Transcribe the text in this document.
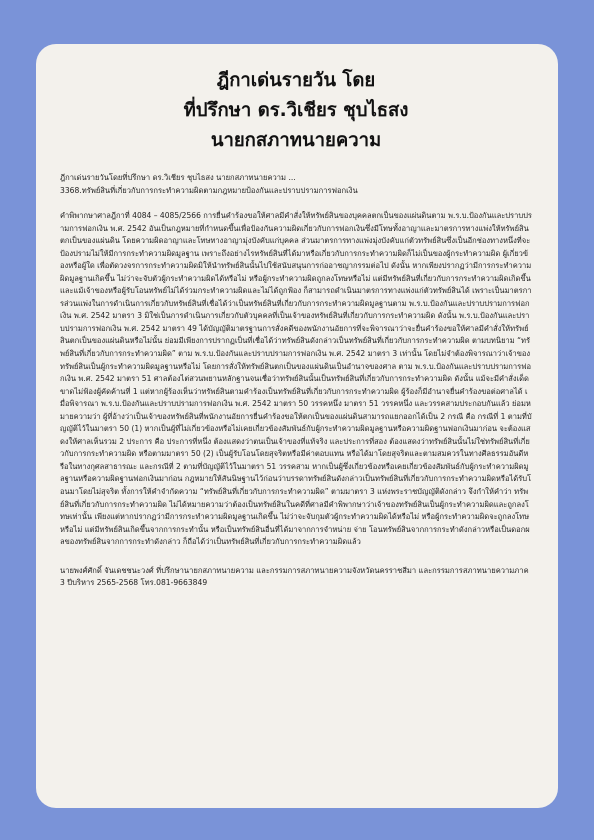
ฎีกาเด่นรายวัน โดย
ที่ปรึกษา ดร.วิเชียร ชุบไธสง
นายกสภาทนายความ
ฎีกาเด่นรายวันโดยที่ปรึกษา ดร.วิเชียร ชุบไธสง นายกสภาทนายความ ...
3368.ทรัพย์สินที่เกี่ยวกับการกระทำความผิดตามกฎหมายป้องกันและปราบปรามการฟอกเงิน
คำพิพากษาศาลฎีกาที่ 4084 – 4085/2566 การยื่นคำร้องขอให้ศาลมีคำสั่งให้ทรัพย์สินของบุคคลตกเป็นของแผ่นดินตาม พ.ร.บ.ป้องกันและปราบปรามการฟอกเงิน พ.ศ. 2542 อันเป็นกฎหมายที่กำหนดขึ้นเพื่อป้องกันความผิดเกี่ยวกับการฟอกเงินซึ่งมีโทษทั้งอาญาและมาตรการทางแพ่งให้ทรัพย์สินตกเป็นของแผ่นดิน โดยความผิดอาญาและโทษทางอาญามุ่งบังคับแก่บุคคล ส่วนมาตรการทางแพ่งมุ่งบังคับแก่ตัวทรัพย์สินซึ่งเป็นอีกช่องทางหนึ่งที่จะป้องปรามไม่ให้มีการกระทำความผิดมูลฐาน เพราะถึงอย่างไรทรัพย์สินที่ได้มาหรือเกี่ยวกับการกระทำความผิดก็ไม่เป็นของผู้กระทำความผิด ผู้เกี่ยวข้องหรือผู้ใด เพื่อตัดวงจรการกระทำความผิดมิให้นำทรัพย์สินนั้นไปใช้สนับสนุนการก่ออาชญากรรมต่อไป ดังนั้น หากเพียงปรากฏว่ามีการกระทำความผิดมูลฐานเกิดขึ้น ไม่ว่าจะจับตัวผู้กระทำความผิดได้หรือไม่ หรือผู้กระทำความผิดถูกลงโทษหรือไม่ แต่มีทรัพย์สินที่เกี่ยวกับการกระทำความผิดเกิดขึ้น และแม้เจ้าของหรือผู้รับโอนทรัพย์ไม่ได้ร่วมกระทำความผิดและไม่ได้ถูกฟ้อง ก็สามารถดำเนินมาตรการทางแพ่งแก่ตัวทรัพย์สินได้ เพราะเป็นมาตรการส่วนแพ่งในการดำเนินการเกี่ยวกับทรัพย์สินที่เชื่อได้ว่าเป็นทรัพย์สินที่เกี่ยวกับการกระทำความผิดมูลฐานตาม พ.ร.บ.ป้องกันและปราบปรามการฟอกเงิน พ.ศ. 2542 มาตรา 3 มิใช่เป็นการดำเนินการเกี่ยวกับตัวบุคคลที่เป็นเจ้าของทรัพย์สินที่เกี่ยวกับการกระทำความผิด ดังนั้น พ.ร.บ.ป้องกันและปราบปรามการฟอกเงิน พ.ศ. 2542 มาตรา 49 ได้บัญญัติมาตรฐานการสั่งคดีของพนักงานอัยการที่จะพิจารณาว่าจะยื่นคำร้องขอให้ศาลมีคำสั่งให้ทรัพย์สินตกเป็นของแผ่นดินหรือไม่นั้น ย่อมมีเพียงการปรากฏเป็นที่เชื่อได้ว่าทรัพย์สินดังกล่าวเป็นทรัพย์สินที่เกี่ยวกับการกระทำความผิด ตามบทนิยาม “ทรัพย์สินที่เกี่ยวกับการกระทำความผิด” ตาม พ.ร.บ.ป้องกันและปราบปรามการฟอกเงิน พ.ศ. 2542 มาตรา 3 เท่านั้น โดยไม่จำต้องพิจารณาว่าเจ้าของทรัพย์สินเป็นผู้กระทำความผิดมูลฐานหรือไม่ โดยการสั่งให้ทรัพย์สินตกเป็นของแผ่นดินเป็นอำนาจของศาล ตาม พ.ร.บ.ป้องกันและปราบปรามการฟอกเงิน พ.ศ. 2542 มาตรา 51 ศาลต้องไต่สวนพยานหลักฐานจนเชื่อว่าทรัพย์สินนั้นเป็นทรัพย์สินที่เกี่ยวกับการกระทำความผิด ดังนั้น แม้จะมีคำสั่งเด็ดขาดไม่ฟ้องผู้คัดค้านที่ 1 แต่หากผู้ร้องเห็นว่าทรัพย์สินตามคำร้องเป็นทรัพย์สินที่เกี่ยวกับการกระทำความผิด ผู้ร้องก็มีอำนาจยื่นคำร้องขอต่อศาลได้ เมื่อพิจารณา พ.ร.บ.ป้องกันและปราบปรามการฟอกเงิน พ.ศ. 2542 มาตรา 50 วรรคหนึ่ง มาตรา 51 วรรคหนึ่ง และวรรคสามประกอบกันแล้ว ย่อมหมายความว่า ผู้ที่อ้างว่าเป็นเจ้าของทรัพย์สินที่พนักงานอัยการยื่นคำร้องขอให้ตกเป็นของแผ่นดินสามารถแยกออกได้เป็น 2 กรณี คือ กรณีที่ 1 ตามที่บัญญัติไว้ในมาตรา 50 (1) หากเป็นผู้ที่ไม่เกี่ยวข้องหรือไม่เคยเกี่ยวข้องสัมพันธ์กับผู้กระทำความผิดมูลฐานหรือความผิดฐานฟอกเงินมาก่อน จะต้องแสดงให้ศาลเห็นรวม 2 ประการ คือ ประการที่หนึ่ง ต้องแสดงว่าตนเป็นเจ้าของที่แท้จริง และประการที่สอง ต้องแสดงว่าทรัพย์สินนั้นไม่ใช่ทรัพย์สินที่เกี่ยวกับการกระทำความผิด หรือตามมาตรา 50 (2) เป็นผู้รับโอนโดยสุจริตหรือมีค่าตอบแทน หรือได้มาโดยสุจริตและตามสมควรในทางศีลธรรมอันดีหรือในทางกุศลสาธารณะ และกรณีที่ 2 ตามที่บัญญัติไว้ในมาตรา 51 วรรคสาม หากเป็นผู้ซึ่งเกี่ยวข้องหรือเคยเกี่ยวข้องสัมพันธ์กับผู้กระทำความผิดมูลฐานหรือความผิดฐานฟอกเงินมาก่อน กฎหมายให้สันนิษฐานไว้ก่อนว่าบรรดาทรัพย์สินดังกล่าวเป็นทรัพย์สินที่เกี่ยวกับการกระทำความผิดหรือได้รับโอนมาโดยไม่สุจริต ทั้งการให้คำจำกัดความ “ทรัพย์สินที่เกี่ยวกับการกระทำความผิด” ตามมาตรา 3 แห่งพระราชบัญญัติดังกล่าว จึงกำให้คำว่า ทรัพย์สินที่เกี่ยวกับการกระทำความผิด ไม่ได้หมายความว่าต้องเป็นทรัพย์สินในคดีที่ศาลมีคำพิพากษาว่าเจ้าของทรัพย์สินเป็นผู้กระทำความผิดและถูกลงโทษเท่านั้น เพียงแต่หากปรากฏว่ามีการกระทำความผิดมูลฐานเกิดขึ้น ไม่ว่าจะจับกุมตัวผู้กระทำความผิดได้หรือไม่ หรือผู้กระทำความผิดจะถูกลงโทษหรือไม่ แต่มีทรัพย์สินเกิดขึ้นจากการกระทำนั้น หรือเป็นทรัพย์สินอื่นที่ได้มาจากการจำหน่าย จ่าย โอนทรัพย์สินจากการกระทำดังกล่าวหรือเป็นดอกผลของทรัพย์สินจากการกระทำดังกล่าว ก็ถือได้ว่าเป็นทรัพย์สินที่เกี่ยวกับการกระทำความผิดแล้ว
นายพงศ์ศักดิ์ จันเดชชนะวงศ์ ที่ปรึกษานายกสภาทนายความ และกรรมการสภาทนายความจังหวัดนครราชสีมา และกรรมการสภาทนายความภาค 3 ปีบริหาร 2565-2568 โทร.081-9663849
